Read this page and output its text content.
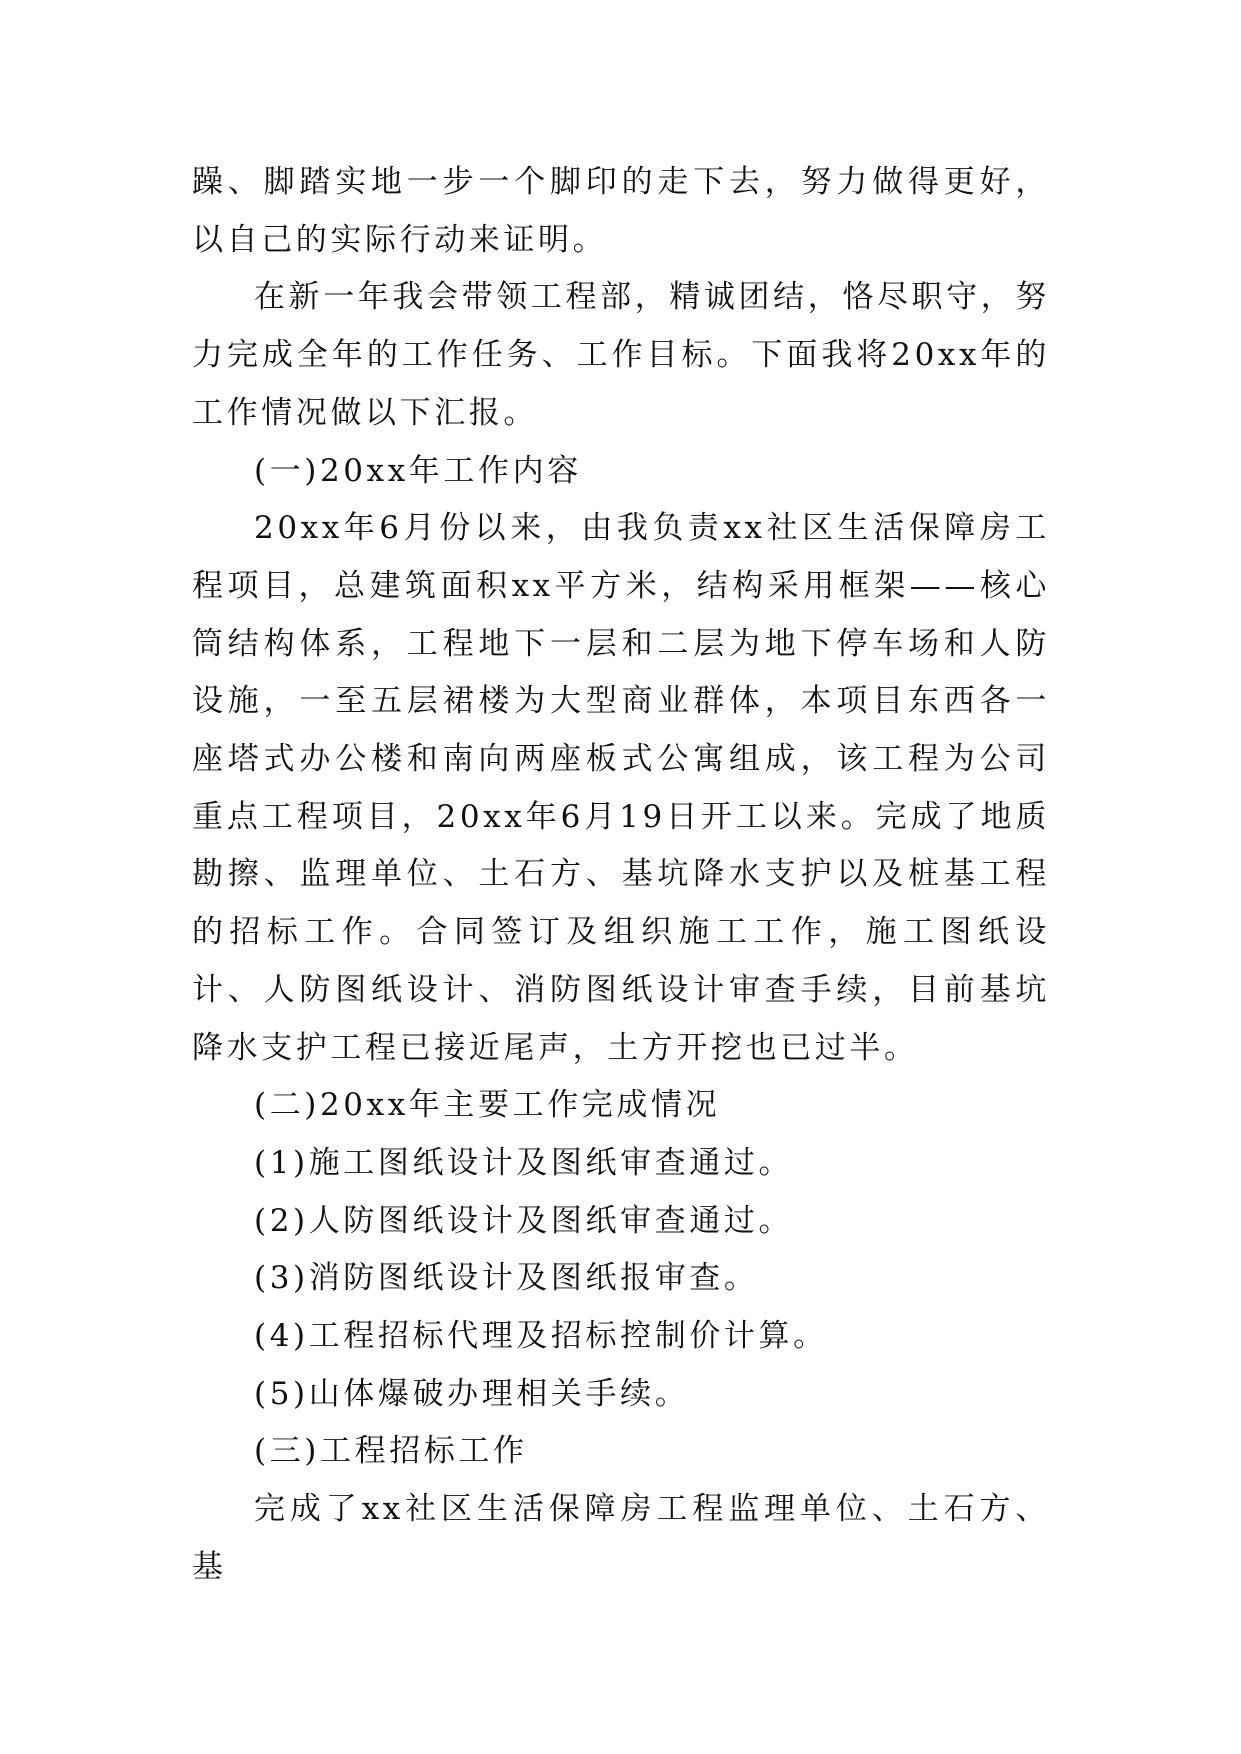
躁、脚踏实地一步一个脚印的走下去，努力做得更好，以自己的实际行动来证明。

在新一年我会带领工程部，精诚团结，恪尽职守，努力完成全年的工作任务、工作目标。下面我将20xx年的工作情况做以下汇报。

(一)20xx年工作内容

20xx年6月份以来，由我负责xx社区生活保障房工程项目，总建筑面积xx平方米，结构采用框架——核心筒结构体系，工程地下一层和二层为地下停车场和人防设施，一至五层裙楼为大型商业群体，本项目东西各一座塔式办公楼和南向两座板式公寓组成，该工程为公司重点工程项目，20xx年6月19日开工以来。完成了地质勘擦、监理单位、土石方、基坑降水支护以及桩基工程的招标工作。合同签订及组织施工工作，施工图纸设计、人防图纸设计、消防图纸设计审查手续，目前基坑降水支护工程已接近尾声，土方开挖也已过半。

(二)20xx年主要工作完成情况

(1)施工图纸设计及图纸审查通过。

(2)人防图纸设计及图纸审查通过。

(3)消防图纸设计及图纸报审查。

(4)工程招标代理及招标控制价计算。

(5)山体爆破办理相关手续。

(三)工程招标工作

完成了xx社区生活保障房工程监理单位、土石方、基
